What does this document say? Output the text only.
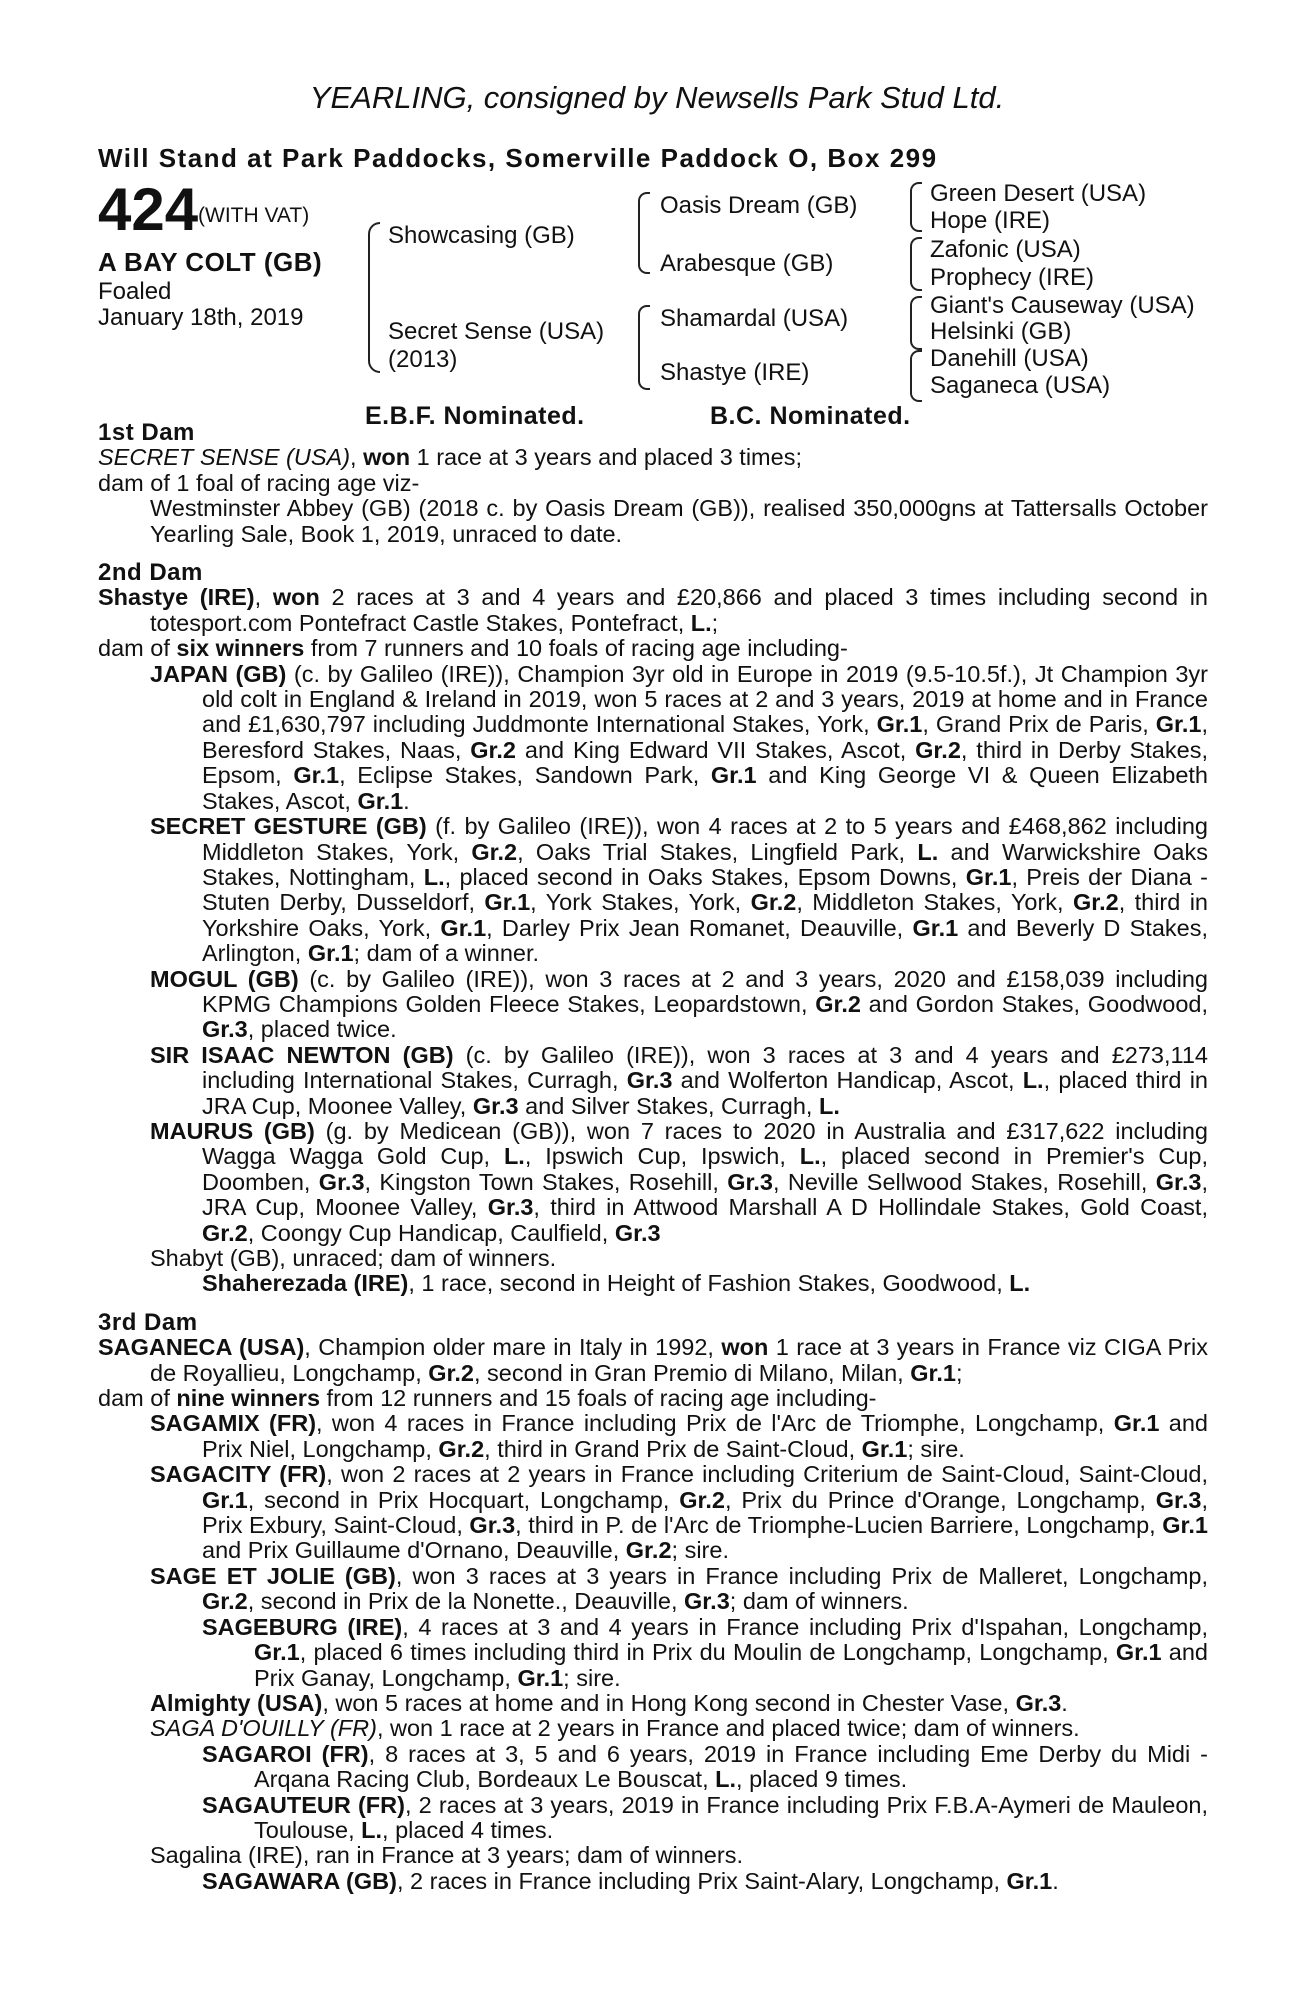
YEARLING, consigned by Newsells Park Stud Ltd.
Will Stand at Park Paddocks, Somerville Paddock O, Box 299
424 (WITH VAT)
A BAY COLT (GB)
Foaled
January 18th, 2019
Showcasing (GB)
Secret Sense (USA)
(2013)
Oasis Dream (GB)
Arabesque (GB)
Shamardal (USA)
Shastye (IRE)
Green Desert (USA)
Hope (IRE)
Zafonic (USA)
Prophecy (IRE)
Giant's Causeway (USA)
Helsinki (GB)
Danehill (USA)
Saganeca (USA)
E.B.F. Nominated.	B.C. Nominated.

1st Dam

SECRET SENSE (USA), won 1 race at 3 years and placed 3 times;

dam of 1 foal of racing age viz-

Westminster Abbey (GB) (2018 c. by Oasis Dream (GB)), realised 350,000gns at Tattersalls October Yearling Sale, Book 1, 2019, unraced to date.

2nd Dam

Shastye (IRE), won 2 races at 3 and 4 years and £20,866 and placed 3 times including second in totesport.com Pontefract Castle Stakes, Pontefract, L.;

dam of six winners from 7 runners and 10 foals of racing age including-

JAPAN (GB) (c. by Galileo (IRE)), Champion 3yr old in Europe in 2019 (9.5-10.5f.), Jt Champion 3yr old colt in England & Ireland in 2019, won 5 races at 2 and 3 years, 2019 at home and in France and £1,630,797 including Juddmonte International Stakes, York, Gr.1, Grand Prix de Paris, Gr.1, Beresford Stakes, Naas, Gr.2 and King Edward VII Stakes, Ascot, Gr.2, third in Derby Stakes, Epsom, Gr.1, Eclipse Stakes, Sandown Park, Gr.1 and King George VI & Queen Elizabeth Stakes, Ascot, Gr.1.

SECRET GESTURE (GB) (f. by Galileo (IRE)), won 4 races at 2 to 5 years and £468,862 including Middleton Stakes, York, Gr.2, Oaks Trial Stakes, Lingfield Park, L. and Warwickshire Oaks Stakes, Nottingham, L., placed second in Oaks Stakes, Epsom Downs, Gr.1, Preis der Diana - Stuten Derby, Dusseldorf, Gr.1, York Stakes, York, Gr.2, Middleton Stakes, York, Gr.2, third in Yorkshire Oaks, York, Gr.1, Darley Prix Jean Romanet, Deauville, Gr.1 and Beverly D Stakes, Arlington, Gr.1; dam of a winner.

MOGUL (GB) (c. by Galileo (IRE)), won 3 races at 2 and 3 years, 2020 and £158,039 including KPMG Champions Golden Fleece Stakes, Leopardstown, Gr.2 and Gordon Stakes, Goodwood, Gr.3, placed twice.

SIR ISAAC NEWTON (GB) (c. by Galileo (IRE)), won 3 races at 3 and 4 years and £273,114 including International Stakes, Curragh, Gr.3 and Wolferton Handicap, Ascot, L., placed third in JRA Cup, Moonee Valley, Gr.3 and Silver Stakes, Curragh, L.

MAURUS (GB) (g. by Medicean (GB)), won 7 races to 2020 in Australia and £317,622 including Wagga Wagga Gold Cup, L., Ipswich Cup, Ipswich, L., placed second in Premier's Cup, Doomben, Gr.3, Kingston Town Stakes, Rosehill, Gr.3, Neville Sellwood Stakes, Rosehill, Gr.3, JRA Cup, Moonee Valley, Gr.3, third in Attwood Marshall A D Hollindale Stakes, Gold Coast, Gr.2, Coongy Cup Handicap, Caulfield, Gr.3

Shabyt (GB), unraced; dam of winners.

Shaherezada (IRE), 1 race, second in Height of Fashion Stakes, Goodwood, L.

3rd Dam

SAGANECA (USA), Champion older mare in Italy in 1992, won 1 race at 3 years in France viz CIGA Prix de Royallieu, Longchamp, Gr.2, second in Gran Premio di Milano, Milan, Gr.1;

dam of nine winners from 12 runners and 15 foals of racing age including-

SAGAMIX (FR), won 4 races in France including Prix de l'Arc de Triomphe, Longchamp, Gr.1 and Prix Niel, Longchamp, Gr.2, third in Grand Prix de Saint-Cloud, Gr.1; sire.

SAGACITY (FR), won 2 races at 2 years in France including Criterium de Saint-Cloud, Saint-Cloud, Gr.1, second in Prix Hocquart, Longchamp, Gr.2, Prix du Prince d'Orange, Longchamp, Gr.3, Prix Exbury, Saint-Cloud, Gr.3, third in P. de l'Arc de Triomphe-Lucien Barriere, Longchamp, Gr.1 and Prix Guillaume d'Ornano, Deauville, Gr.2; sire.

SAGE ET JOLIE (GB), won 3 races at 3 years in France including Prix de Malleret, Longchamp, Gr.2, second in Prix de la Nonette., Deauville, Gr.3; dam of winners.

SAGEBURG (IRE), 4 races at 3 and 4 years in France including Prix d'Ispahan, Longchamp, Gr.1, placed 6 times including third in Prix du Moulin de Longchamp, Longchamp, Gr.1 and Prix Ganay, Longchamp, Gr.1; sire.

Almighty (USA), won 5 races at home and in Hong Kong second in Chester Vase, Gr.3.

SAGA D'OUILLY (FR), won 1 race at 2 years in France and placed twice; dam of winners.

SAGAROI (FR), 8 races at 3, 5 and 6 years, 2019 in France including Eme Derby du Midi - Arqana Racing Club, Bordeaux Le Bouscat, L., placed 9 times.

SAGAUTEUR (FR), 2 races at 3 years, 2019 in France including Prix F.B.A-Aymeri de Mauleon, Toulouse, L., placed 4 times.

Sagalina (IRE), ran in France at 3 years; dam of winners.

SAGAWARA (GB), 2 races in France including Prix Saint-Alary, Longchamp, Gr.1.
